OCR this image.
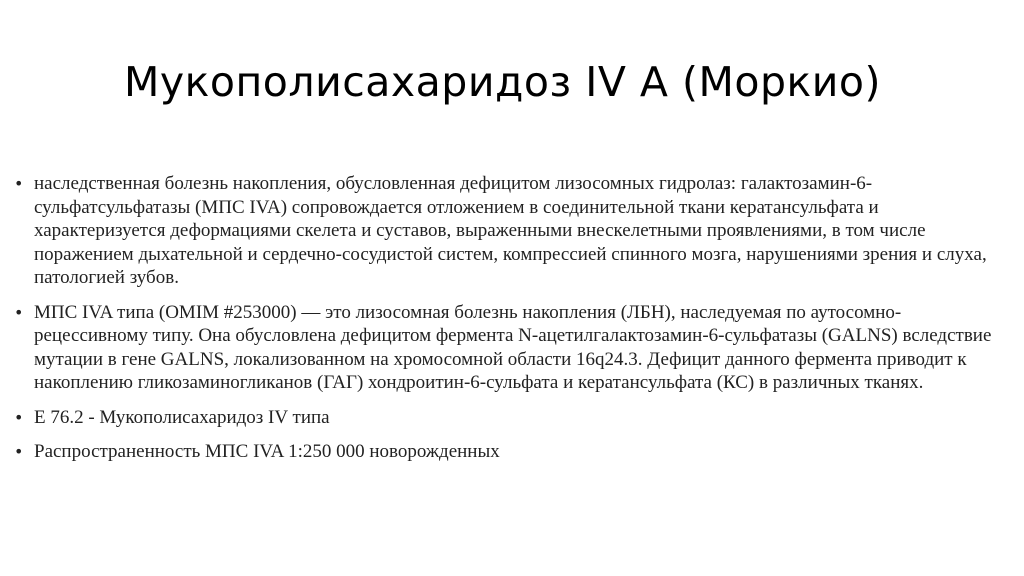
Мукополисахаридоз IV A (Моркио)
• наследственная болезнь накопления, обусловленная дефицитом лизосомных гидролаз: галактозамин-6-сульфатсульфатазы (МПС IVA) сопровождается отложением в соединительной ткани кератансульфата и характеризуется деформациями скелета и суставов, выраженными внескелетными проявлениями, в том числе поражением дыхательной и сердечно-сосудистой систем, компрессией спинного мозга, нарушениями зрения и слуха, патологией зубов.
• МПС IVA типа (OMIM #253000) — это лизосомная болезнь накопления (ЛБН), наследуемая по аутосомно-рецессивному типу. Она обусловлена дефицитом фермента N-ацетилгалактозамин-6-сульфатазы (GALNS) вследствие мутации в гене GALNS, локализованном на хромосомной области 16q24.3. Дефицит данного фермента приводит к накоплению гликозаминогликанов (ГАГ) хондроитин-6-сульфата и кератансульфата (КС) в различных тканях.
• Е 76.2 - Мукополисахаридоз IV типа
• Распространенность МПС IVA 1:250 000 новорожденных
